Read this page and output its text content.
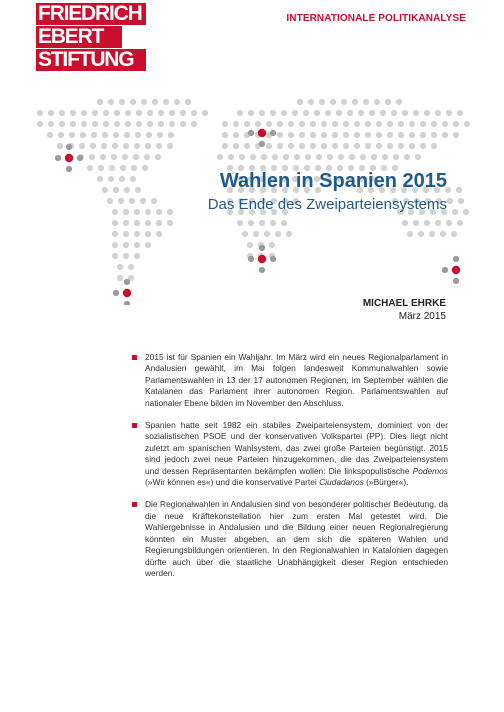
FRIEDRICH
EBERT
STIFTUNG
INTERNATIONALE POLITIKANALYSE
Wahlen in Spanien 2015
Das Ende des Zweiparteiensystems
MICHAEL EHRKE
März 2015
2015 ist für Spanien ein Wahljahr. Im März wird ein neues Regionalparlament in Andalusien gewählt, im Mai folgen landesweit Kommunalwahlen sowie Parlamentswahlen in 13 der 17 autonomen Regionen, im September wählen die Katalanen das Parlament ihrer autonomen Region. Parlamentswahlen auf nationaler Ebene bilden im November den Abschluss.
Spanien hatte seit 1982 ein stabiles Zweiparteiensystem, dominiert von der sozialistischen PSOE und der konservativen Volkspartei (PP). Dies liegt nicht zuletzt am spanischen Wahlsystem, das zwei große Parteien begünstigt. 2015 sind jedoch zwei neue Parteien hinzugekommen, die das Zweiparteiensystem und dessen Repräsentanten bekämpfen wollen: Die linkspopulistische Podemos (»Wir können es«) und die konservative Partei Ciudadanos (»Bürger«).
Die Regionalwahlen in Andalusien sind von besonderer politischer Bedeutung, da die neue Kräftekonstellation hier zum ersten Mal getestet wird. Die Wahlergebnisse in Andalusien und die Bildung einer neuen Regionalregierung könnten ein Muster abgeben, an dem sich die späteren Wahlen und Regierungsbildungen orientieren. In den Regionalwahlen in Katalonien dagegen dürfte auch über die staatliche Unabhängigkeit dieser Region entschieden werden.
